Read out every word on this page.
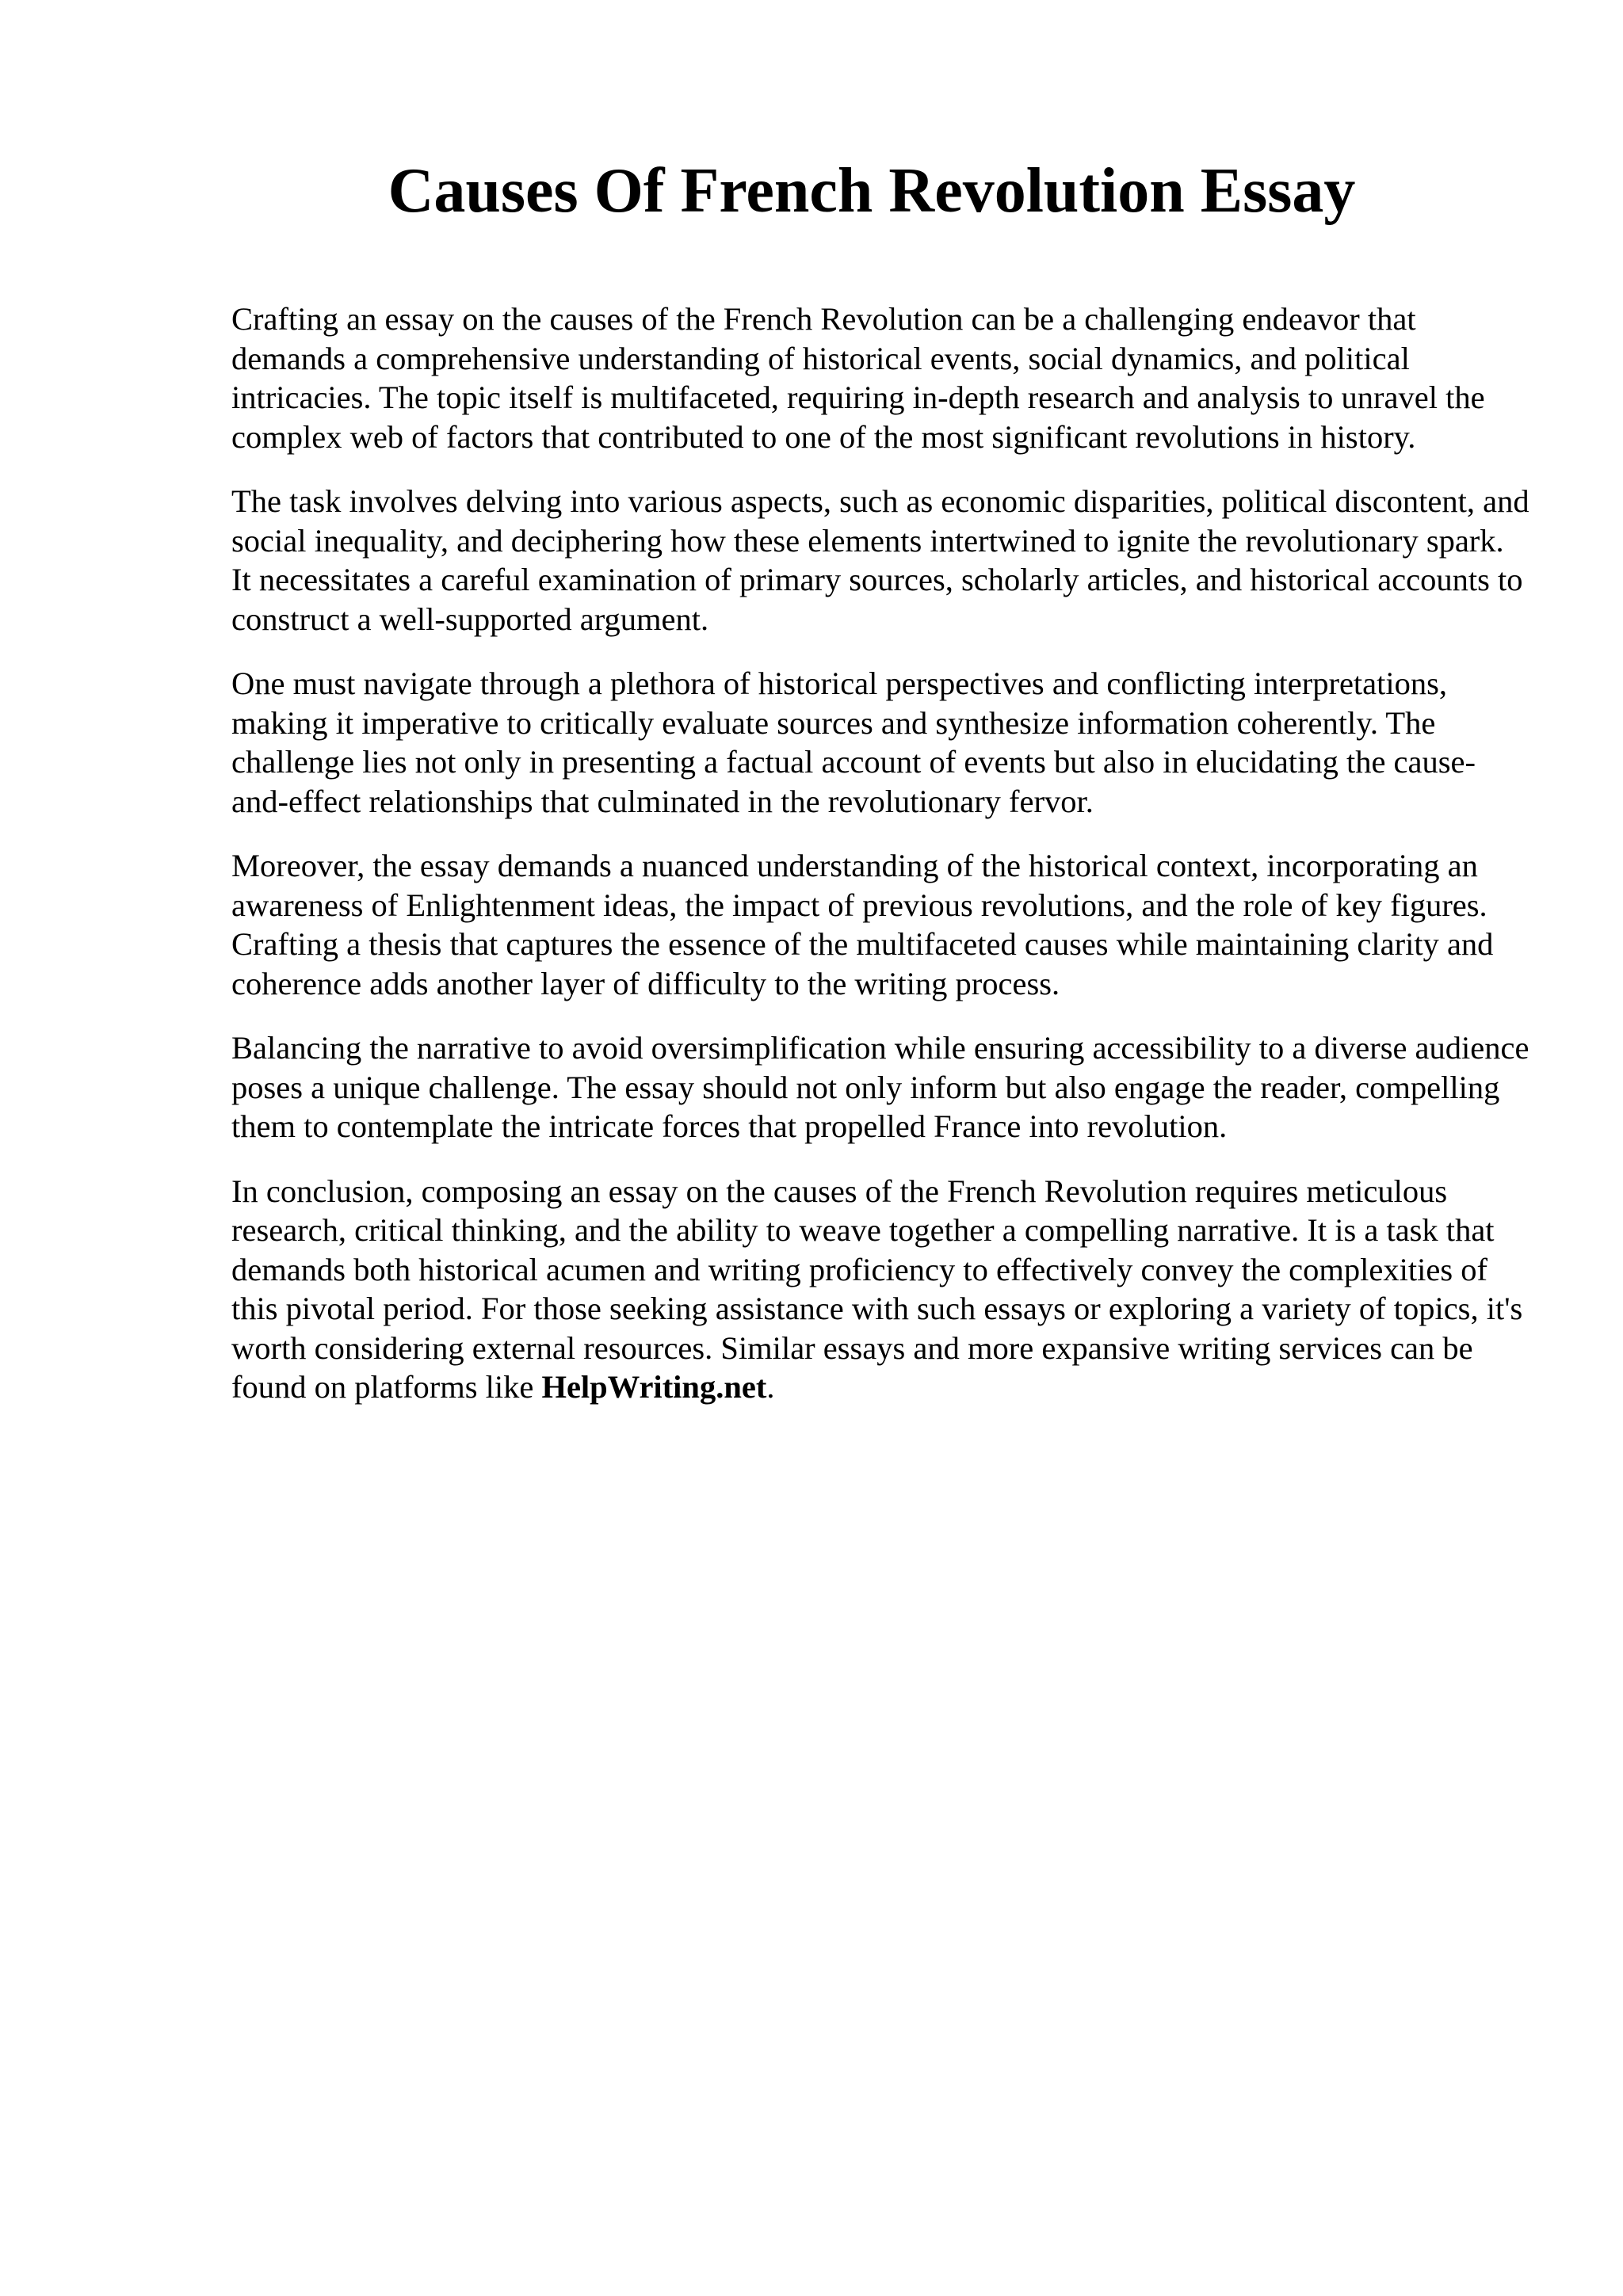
Causes Of French Revolution Essay

Crafting an essay on the causes of the French Revolution can be a challenging endeavor that demands a comprehensive understanding of historical events, social dynamics, and political intricacies. The topic itself is multifaceted, requiring in-depth research and analysis to unravel the complex web of factors that contributed to one of the most significant revolutions in history.

The task involves delving into various aspects, such as economic disparities, political discontent, and social inequality, and deciphering how these elements intertwined to ignite the revolutionary spark. It necessitates a careful examination of primary sources, scholarly articles, and historical accounts to construct a well-supported argument.

One must navigate through a plethora of historical perspectives and conflicting interpretations, making it imperative to critically evaluate sources and synthesize information coherently. The challenge lies not only in presenting a factual account of events but also in elucidating the cause-and-effect relationships that culminated in the revolutionary fervor.

Moreover, the essay demands a nuanced understanding of the historical context, incorporating an awareness of Enlightenment ideas, the impact of previous revolutions, and the role of key figures. Crafting a thesis that captures the essence of the multifaceted causes while maintaining clarity and coherence adds another layer of difficulty to the writing process.

Balancing the narrative to avoid oversimplification while ensuring accessibility to a diverse audience poses a unique challenge. The essay should not only inform but also engage the reader, compelling them to contemplate the intricate forces that propelled France into revolution.

In conclusion, composing an essay on the causes of the French Revolution requires meticulous research, critical thinking, and the ability to weave together a compelling narrative. It is a task that demands both historical acumen and writing proficiency to effectively convey the complexities of this pivotal period. For those seeking assistance with such essays or exploring a variety of topics, it's worth considering external resources. Similar essays and more expansive writing services can be found on platforms like HelpWriting.net.
